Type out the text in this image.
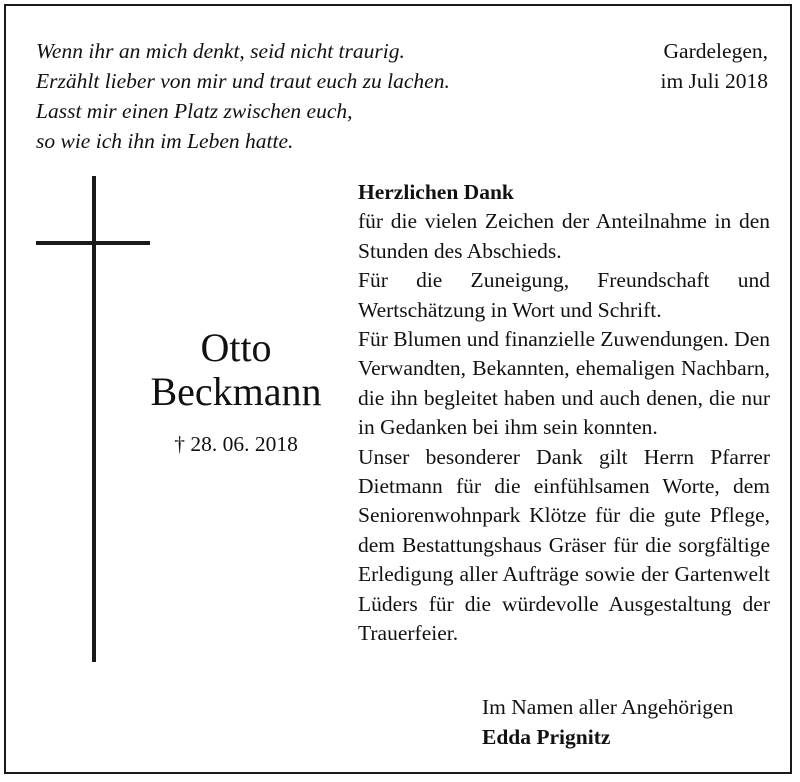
Wenn ihr an mich denkt, seid nicht traurig.
Erzählt lieber von mir und traut euch zu lachen.
Lasst mir einen Platz zwischen euch,
so wie ich ihn im Leben hatte.
Gardelegen,
im Juli 2018
Otto
Beckmann
† 28. 06. 2018
Herzlichen Dank

für die vielen Zeichen der Anteilnahme in den Stunden des Abschieds.

Für die Zuneigung, Freundschaft und Wertschätzung in Wort und Schrift.

Für Blumen und finanzielle Zuwendungen. Den Verwandten, Bekannten, ehemaligen Nachbarn, die ihn begleitet haben und auch denen, die nur in Gedanken bei ihm sein konnten.

Unser besonderer Dank gilt Herrn Pfarrer Dietmann für die einfühlsamen Worte, dem Seniorenwohnpark Klötze für die gute Pflege, dem Bestattungshaus Gräser für die sorgfältige Erledigung aller Aufträge sowie der Gartenwelt Lüders für die würdevolle Ausgestaltung der Trauerfeier.

Im Namen aller Angehörigen
Edda Prignitz
